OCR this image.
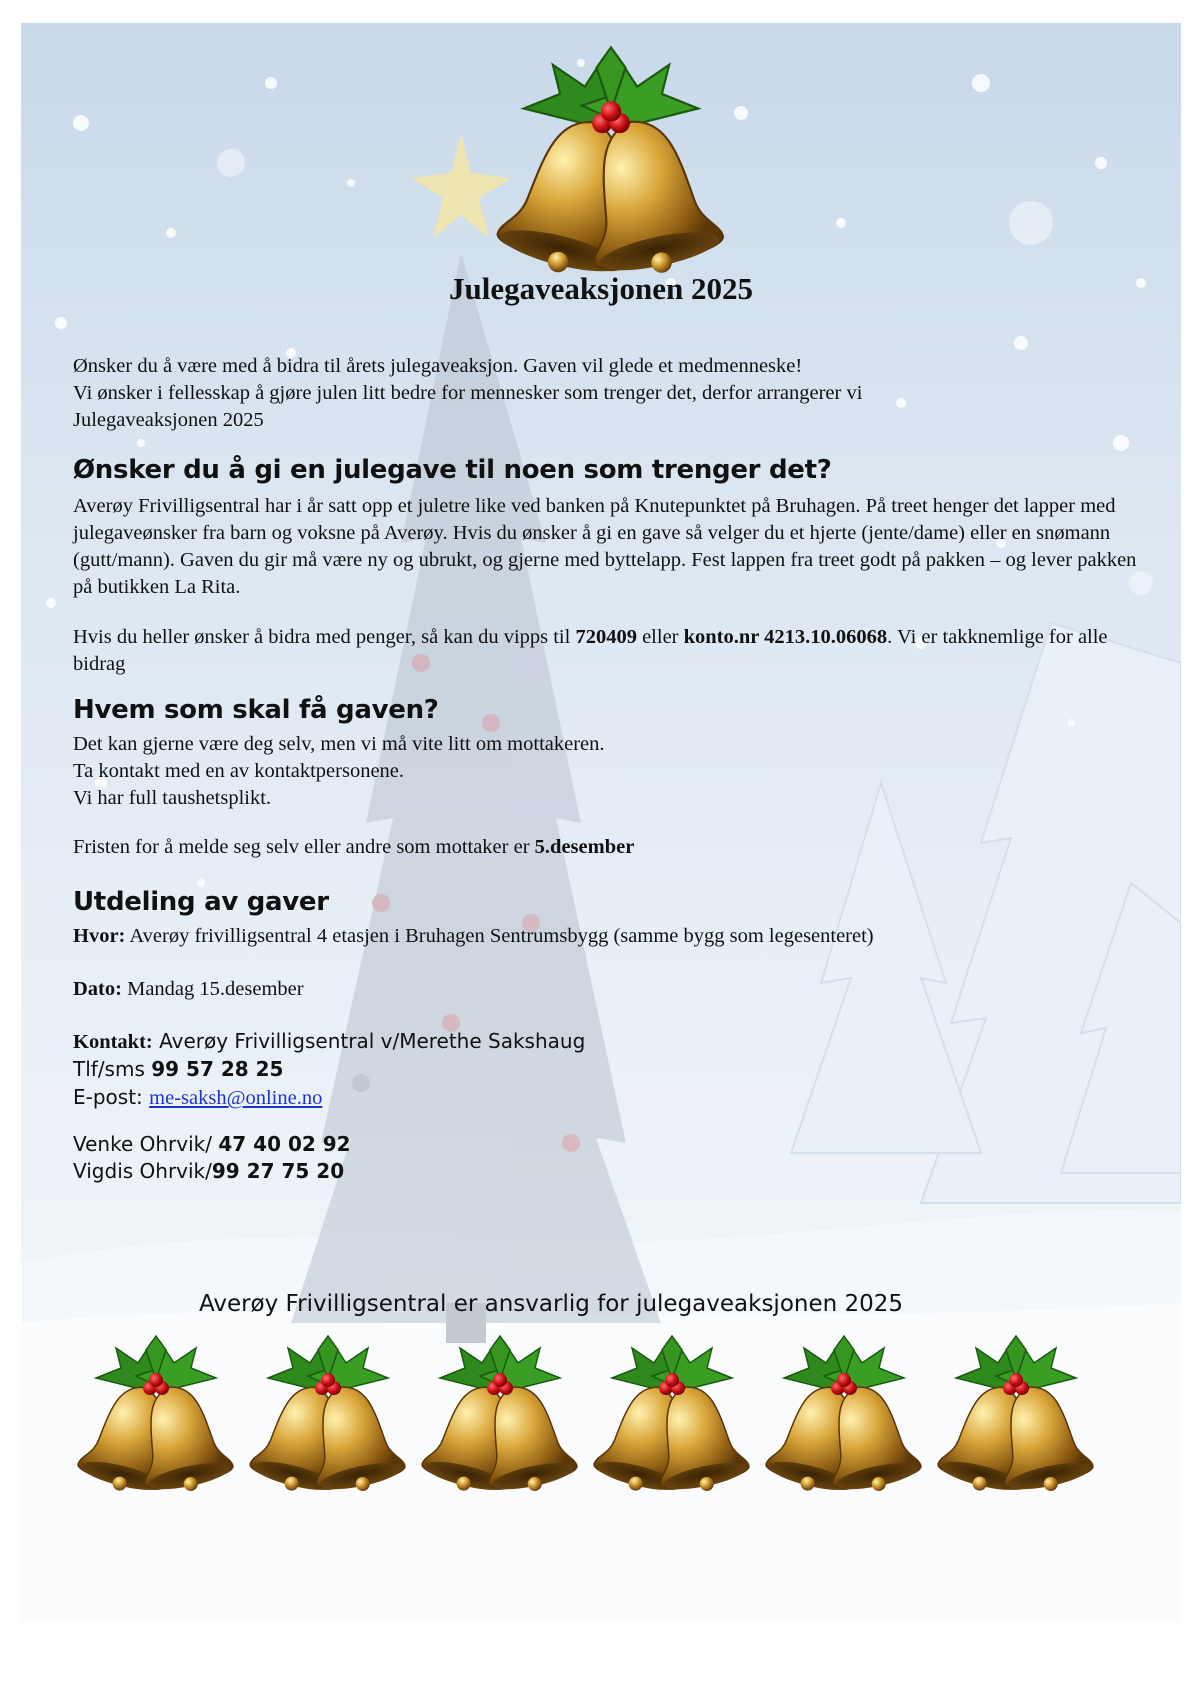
Julegaveaksjonen 2025

Ønsker du å være med å bidra til årets julegaveaksjon. Gaven vil glede et medmenneske!
Vi ønsker i fellesskap å gjøre julen litt bedre for mennesker som trenger det, derfor arrangerer vi
Julegaveaksjonen 2025

Ønsker du å gi en julegave til noen som trenger det?

Averøy Frivilligsentral har i år satt opp et juletre like ved banken på Knutepunktet på Bruhagen. På treet henger det lapper med julegaveønsker fra barn og voksne på Averøy. Hvis du ønsker å gi en gave så velger du et hjerte (jente/dame) eller en snømann (gutt/mann). Gaven du gir må være ny og ubrukt, og gjerne med byttelapp. Fest lappen fra treet godt på pakken – og lever pakken på butikken La Rita.

Hvis du heller ønsker å bidra med penger, så kan du vipps til 720409 eller konto.nr 4213.10.06068. Vi er takknemlige for alle bidrag

Hvem som skal få gaven?

Det kan gjerne være deg selv, men vi må vite litt om mottakeren.
Ta kontakt med en av kontaktpersonene.
Vi har full taushetsplikt.

Fristen for å melde seg selv eller andre som mottaker er 5.desember

Utdeling av gaver

Hvor: Averøy frivilligsentral 4 etasjen i Bruhagen Sentrumsbygg (samme bygg som legesenteret)

Dato: Mandag 15.desember

Kontakt: Averøy Frivilligsentral v/Merethe Sakshaug
Tlf/sms 99 57 28 25
E-post: me-saksh@online.no

Venke Ohrvik/ 47 40 02 92
Vigdis Ohrvik/99 27 75 20

Averøy Frivilligsentral er ansvarlig for julegaveaksjonen 2025
